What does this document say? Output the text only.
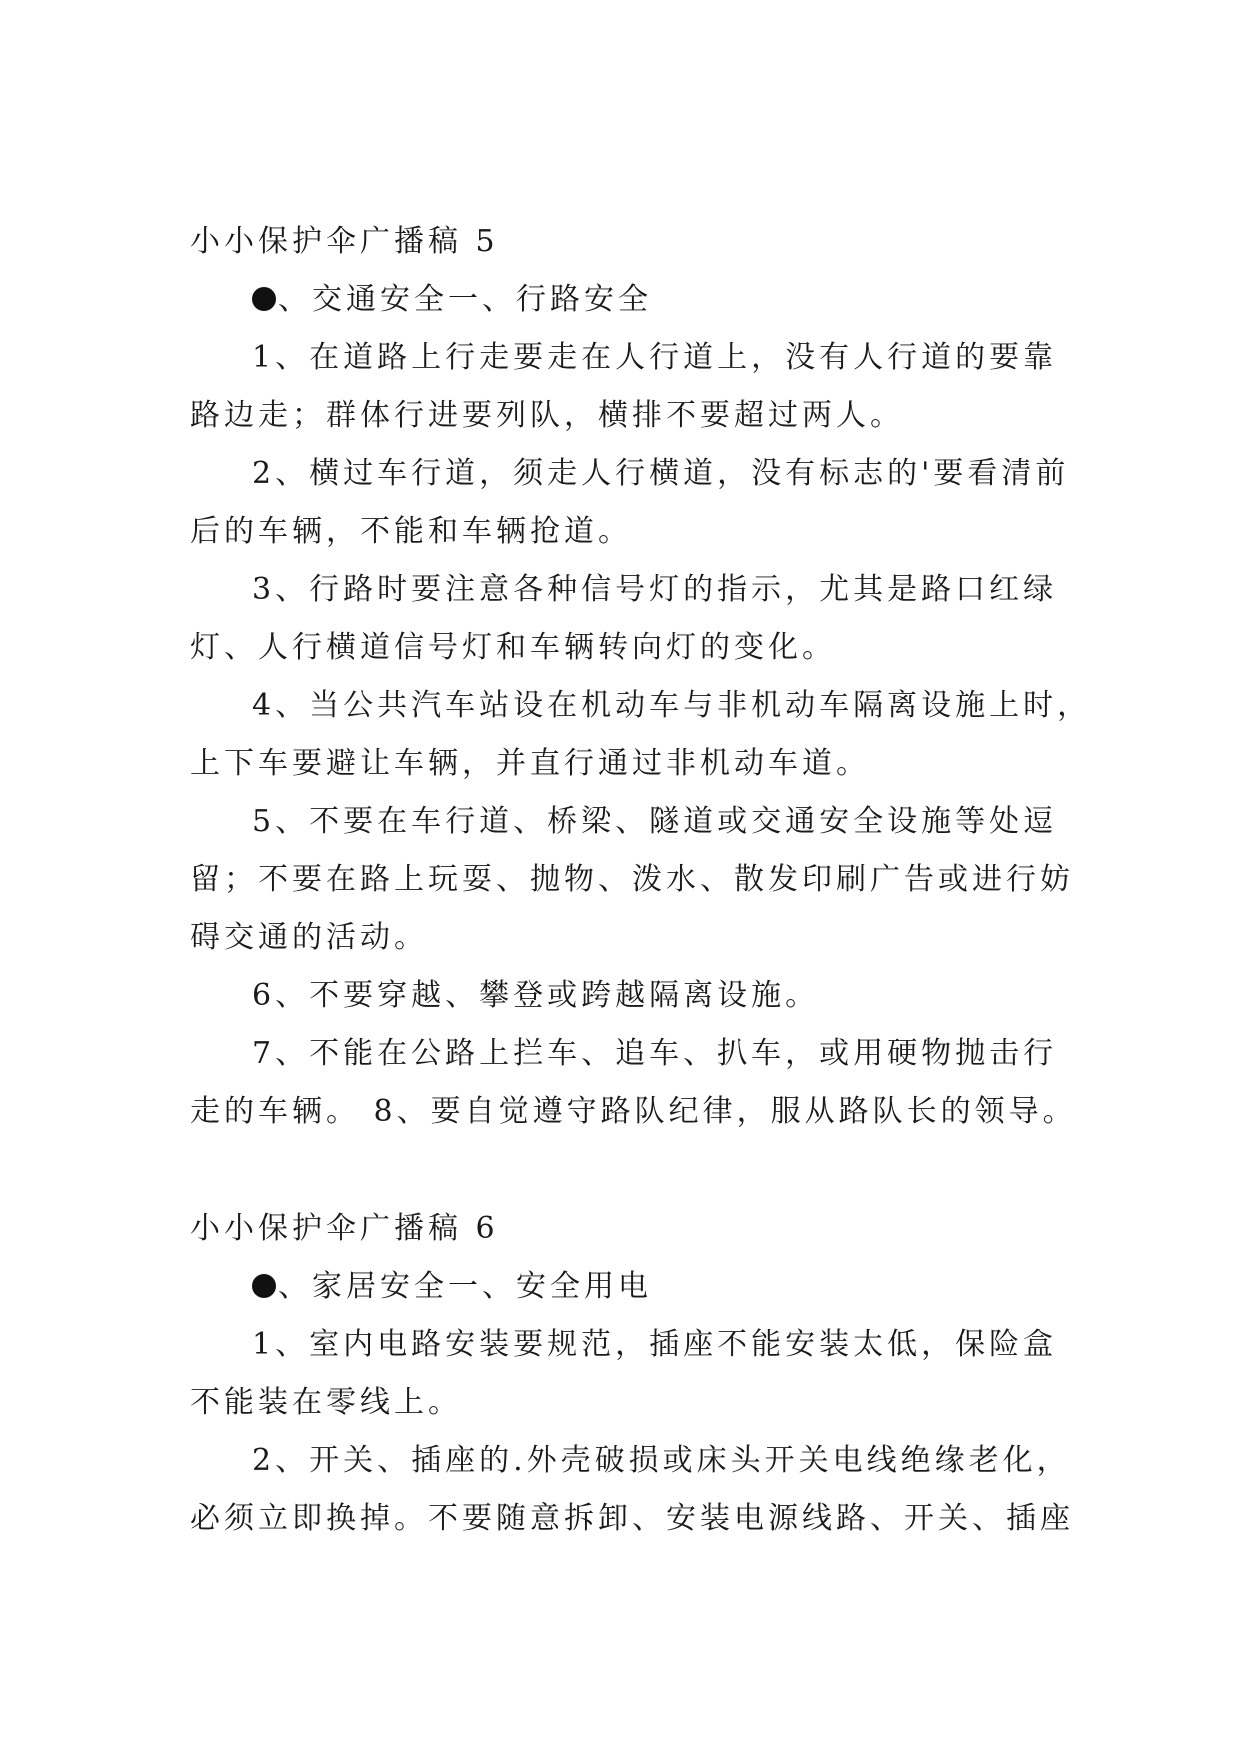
小小保护伞广播稿 5
、交通安全一、行路安全
1、在道路上行走要走在人行道上，没有人行道的要靠
路边走；群体行进要列队，横排不要超过两人。
2、横过车行道，须走人行横道，没有标志的'要看清前
后的车辆，不能和车辆抢道。
3、行路时要注意各种信号灯的指示，尤其是路口红绿
灯、人行横道信号灯和车辆转向灯的变化。
4、当公共汽车站设在机动车与非机动车隔离设施上时，
上下车要避让车辆，并直行通过非机动车道。
5、不要在车行道、桥梁、隧道或交通安全设施等处逗
留；不要在路上玩耍、抛物、泼水、散发印刷广告或进行妨
碍交通的活动。
6、不要穿越、攀登或跨越隔离设施。
7、不能在公路上拦车、追车、扒车，或用硬物抛击行
走的车辆。 8、要自觉遵守路队纪律，服从路队长的领导。
小小保护伞广播稿 6
、家居安全一、安全用电
1、室内电路安装要规范，插座不能安装太低，保险盒
不能装在零线上。
2、开关、插座的.外壳破损或床头开关电线绝缘老化，
必须立即换掉。不要随意拆卸、安装电源线路、开关、插座
